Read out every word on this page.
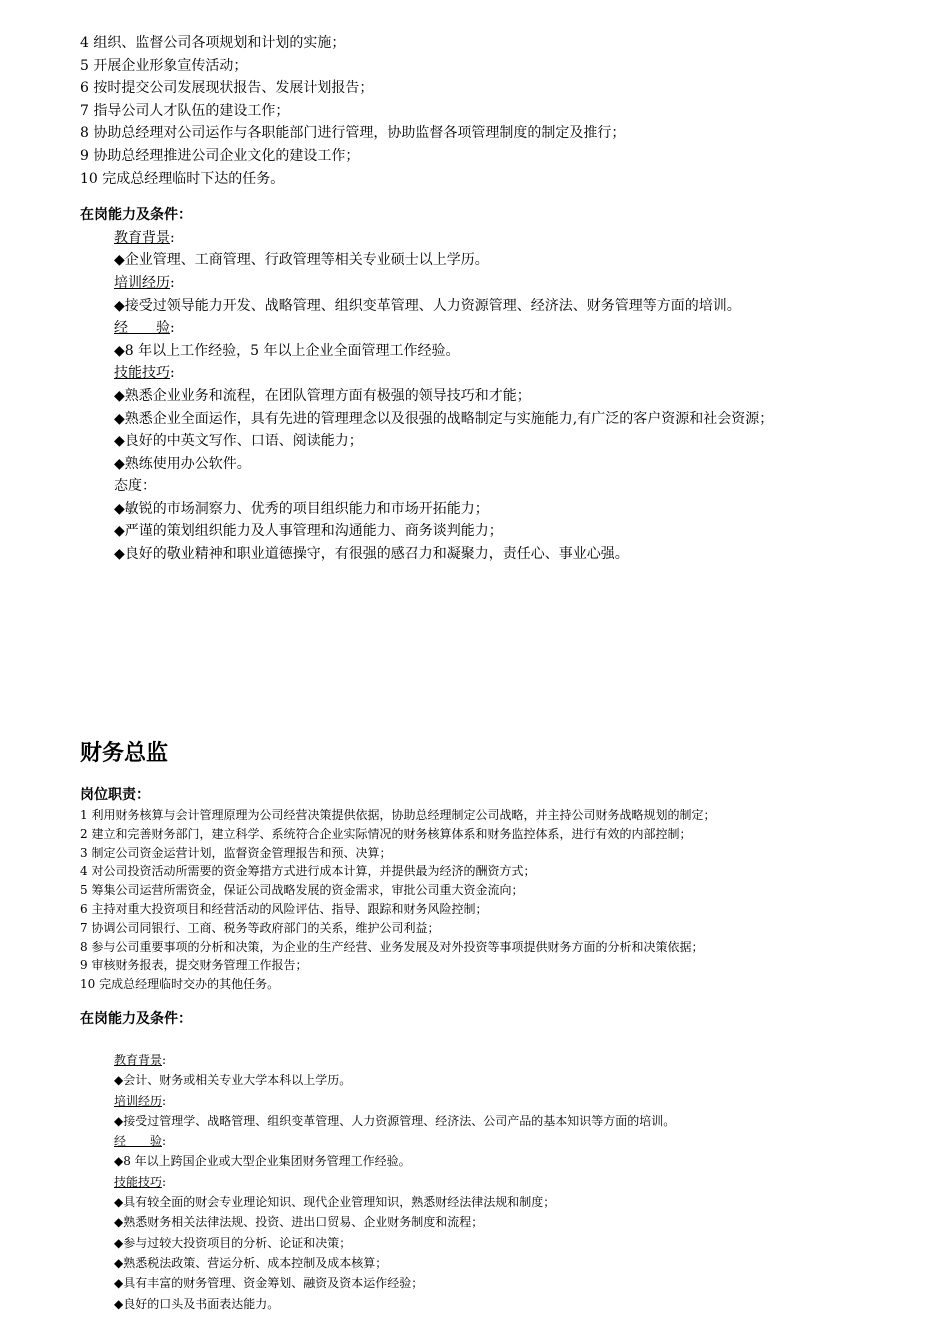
4 组织、监督公司各项规划和计划的实施；
5 开展企业形象宣传活动；
6 按时提交公司发展现状报告、发展计划报告；
7 指导公司人才队伍的建设工作；
8 协助总经理对公司运作与各职能部门进行管理，协助监督各项管理制度的制定及推行；
9 协助总经理推进公司企业文化的建设工作；
10 完成总经理临时下达的任务。
在岗能力及条件：
教育背景:
◆企业管理、工商管理、行政管理等相关专业硕士以上学历。
培训经历:
◆接受过领导能力开发、战略管理、组织变革管理、人力资源管理、经济法、财务管理等方面的培训。
经　　验:
◆8 年以上工作经验，5 年以上企业全面管理工作经验。
技能技巧:
◆熟悉企业业务和流程，在团队管理方面有极强的领导技巧和才能；
◆熟悉企业全面运作，具有先进的管理理念以及很强的战略制定与实施能力,有广泛的客户资源和社会资源；
◆良好的中英文写作、口语、阅读能力；
◆熟练使用办公软件。
态度：
◆敏锐的市场洞察力、优秀的项目组织能力和市场开拓能力；
◆严谨的策划组织能力及人事管理和沟通能力、商务谈判能力；
◆良好的敬业精神和职业道德操守，有很强的感召力和凝聚力，责任心、事业心强。
财务总监
岗位职责：
1 利用财务核算与会计管理原理为公司经营决策提供依据，协助总经理制定公司战略，并主持公司财务战略规划的制定；
2 建立和完善财务部门，建立科学、系统符合企业实际情况的财务核算体系和财务监控体系，进行有效的内部控制；
3 制定公司资金运营计划，监督资金管理报告和预、决算；
4 对公司投资活动所需要的资金筹措方式进行成本计算，并提供最为经济的酬资方式；
5 筹集公司运营所需资金，保证公司战略发展的资金需求，审批公司重大资金流向；
6 主持对重大投资项目和经营活动的风险评估、指导、跟踪和财务风险控制；
7 协调公司同银行、工商、税务等政府部门的关系，维护公司利益；
8 参与公司重要事项的分析和决策，为企业的生产经营、业务发展及对外投资等事项提供财务方面的分析和决策依据；
9 审核财务报表，提交财务管理工作报告；
10 完成总经理临时交办的其他任务。
在岗能力及条件：
教育背景:
◆会计、财务或相关专业大学本科以上学历。
培训经历:
◆接受过管理学、战略管理、组织变革管理、人力资源管理、经济法、公司产品的基本知识等方面的培训。
经　　验:
◆8 年以上跨国企业或大型企业集团财务管理工作经验。
技能技巧:
◆具有较全面的财会专业理论知识、现代企业管理知识，熟悉财经法律法规和制度；
◆熟悉财务相关法律法规、投资、进出口贸易、企业财务制度和流程；
◆参与过较大投资项目的分析、论证和决策；
◆熟悉税法政策、营运分析、成本控制及成本核算；
◆具有丰富的财务管理、资金筹划、融资及资本运作经验；
◆良好的口头及书面表达能力。
